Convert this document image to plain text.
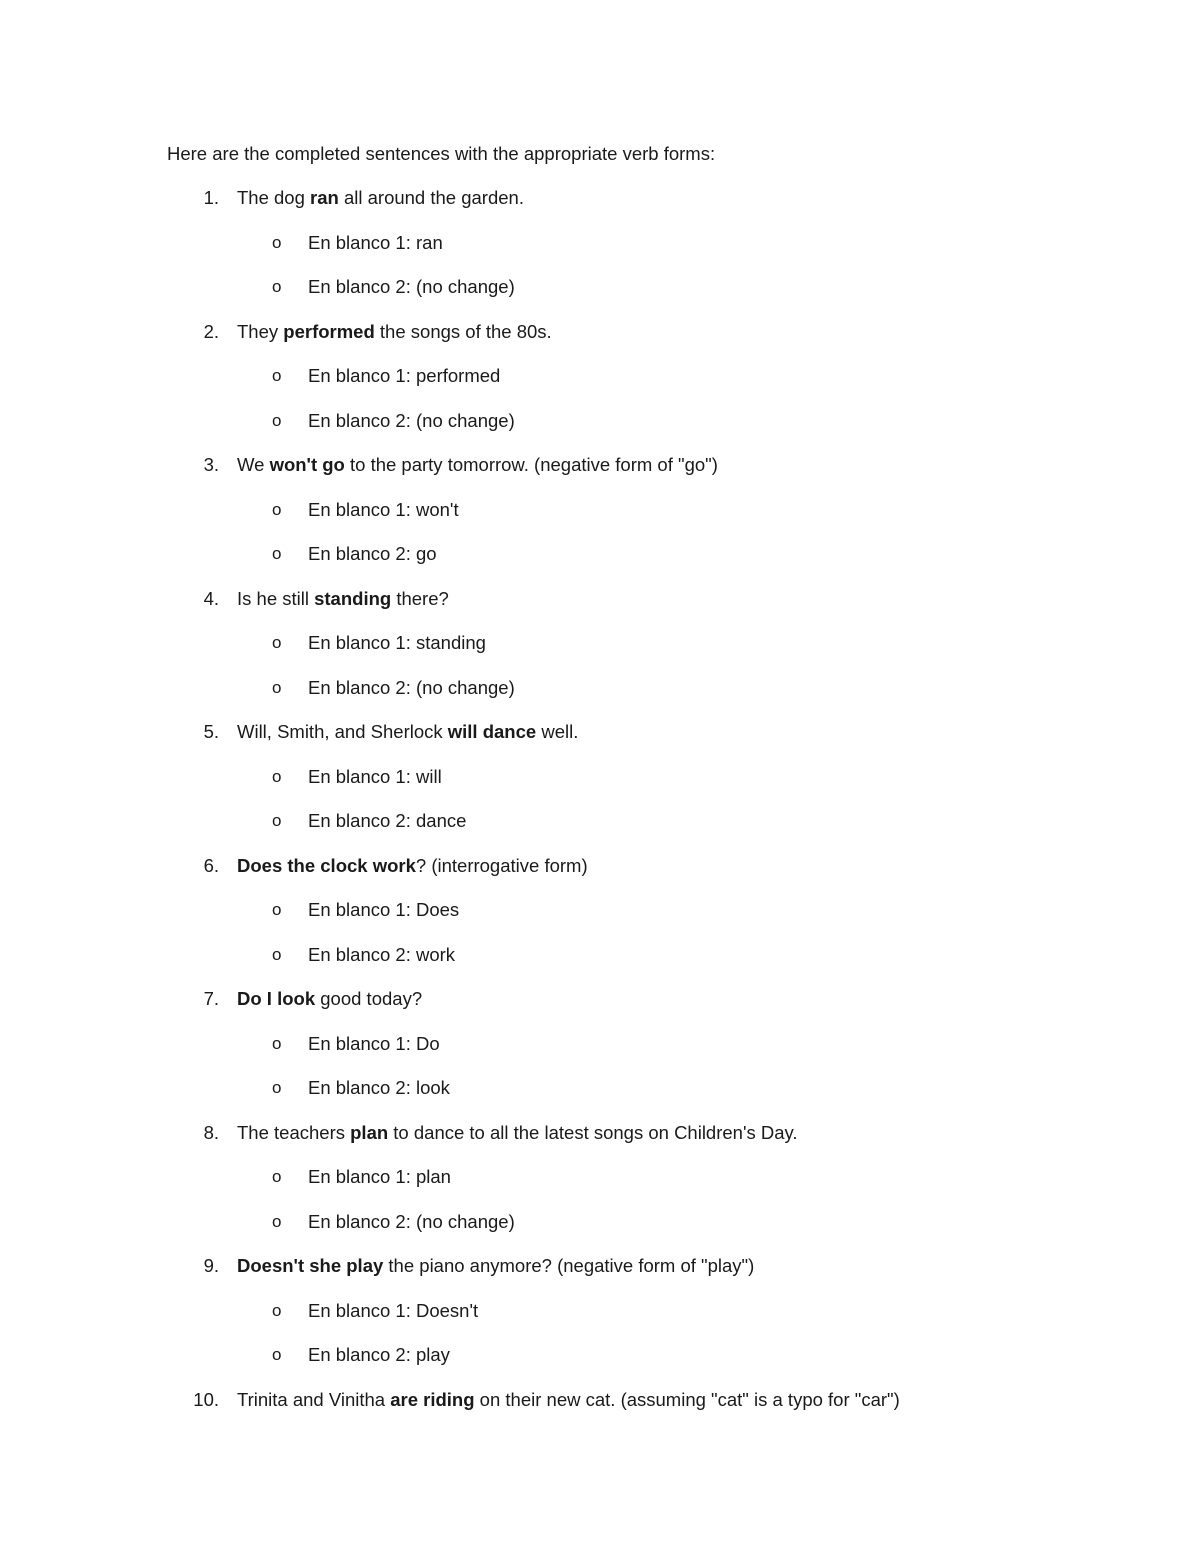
Here are the completed sentences with the appropriate verb forms:
1. The dog ran all around the garden.
o En blanco 1: ran
o En blanco 2: (no change)
2. They performed the songs of the 80s.
o En blanco 1: performed
o En blanco 2: (no change)
3. We won't go to the party tomorrow. (negative form of "go")
o En blanco 1: won't
o En blanco 2: go
4. Is he still standing there?
o En blanco 1: standing
o En blanco 2: (no change)
5. Will, Smith, and Sherlock will dance well.
o En blanco 1: will
o En blanco 2: dance
6. Does the clock work? (interrogative form)
o En blanco 1: Does
o En blanco 2: work
7. Do I look good today?
o En blanco 1: Do
o En blanco 2: look
8. The teachers plan to dance to all the latest songs on Children's Day.
o En blanco 1: plan
o En blanco 2: (no change)
9. Doesn't she play the piano anymore? (negative form of "play")
o En blanco 1: Doesn't
o En blanco 2: play
10. Trinita and Vinitha are riding on their new cat. (assuming "cat" is a typo for "car")
